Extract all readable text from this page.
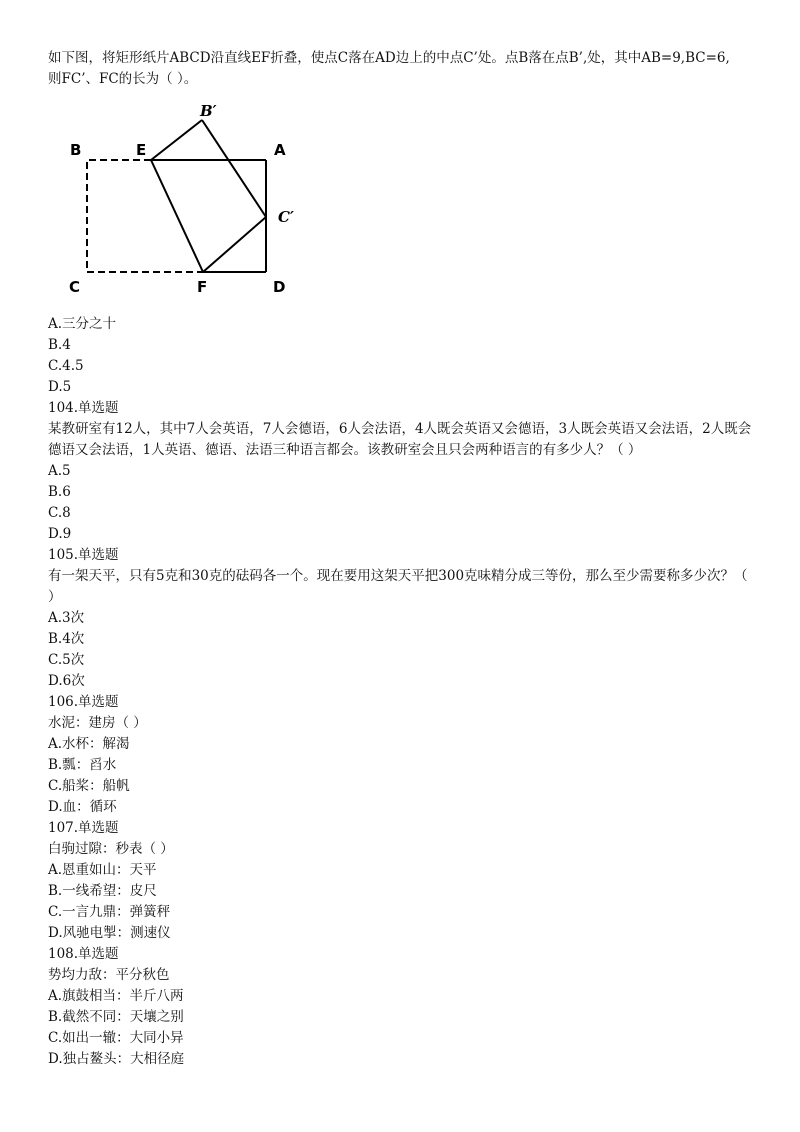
如下图，将矩形纸片ABCD沿直线EF折叠，使点C落在AD边上的中点C’处。点B落在点B’,处，其中AB=9,BC=6,
则FC’、FC的长为（ ）。
B	E	A
C	F	D
B′
C′
A.三分之十
B.4
C.4.5
D.5
104.单选题
某教研室有12人，其中7人会英语，7人会德语，6人会法语，4人既会英语又会德语，3人既会英语又会法语，2人既会德语又会法语，1人英语、德语、法语三种语言都会。该教研室会且只会两种语言的有多少人？（ ）
A.5
B.6
C.8
D.9
105.单选题
有一架天平，只有5克和30克的砝码各一个。现在要用这架天平把300克味精分成三等份，那么至少需要称多少次？（ ）
A.3次
B.4次
C.5次
D.6次
106.单选题
水泥：建房（ ）
A.水杯：解渴
B.瓢：舀水
C.船桨：船帆
D.血：循环
107.单选题
白驹过隙：秒表（ ）
A.恩重如山：天平
B.一线希望：皮尺
C.一言九鼎：弹簧秤
D.风驰电掣：测速仪
108.单选题
势均力敌：平分秋色
A.旗鼓相当：半斤八两
B.截然不同：天壤之别
C.如出一辙：大同小异
D.独占鳌头：大相径庭
